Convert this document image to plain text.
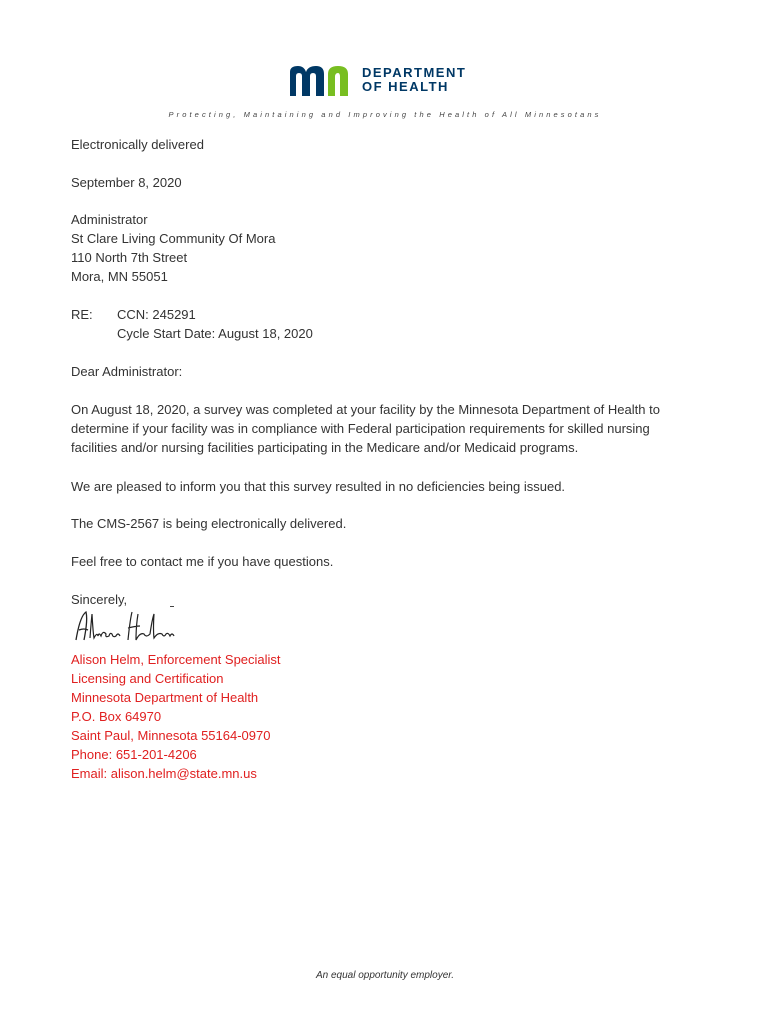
DEPARTMENT
OF HEALTH
Protecting, Maintaining and Improving the Health of All Minnesotans
Electronically delivered
September 8, 2020
Administrator
St Clare Living Community Of Mora
110 North 7th Street
Mora, MN 55051
RE: CCN: 245291
Cycle Start Date: August 18, 2020
Dear Administrator:
On August 18, 2020, a survey was completed at your facility by the Minnesota Department of Health to
determine if your facility was in compliance with Federal participation requirements for skilled nursing
facilities and/or nursing facilities participating in the Medicare and/or Medicaid programs.
We are pleased to inform you that this survey resulted in no deficiencies being issued.
The CMS-2567 is being electronically delivered.
Feel free to contact me if you have questions.
Sincerely,
Alison Helm, Enforcement Specialist
Licensing and Certification
Minnesota Department of Health
P.O. Box 64970
Saint Paul, Minnesota 55164-0970
Phone: 651-201-4206
Email: alison.helm@state.mn.us
An equal opportunity employer.
